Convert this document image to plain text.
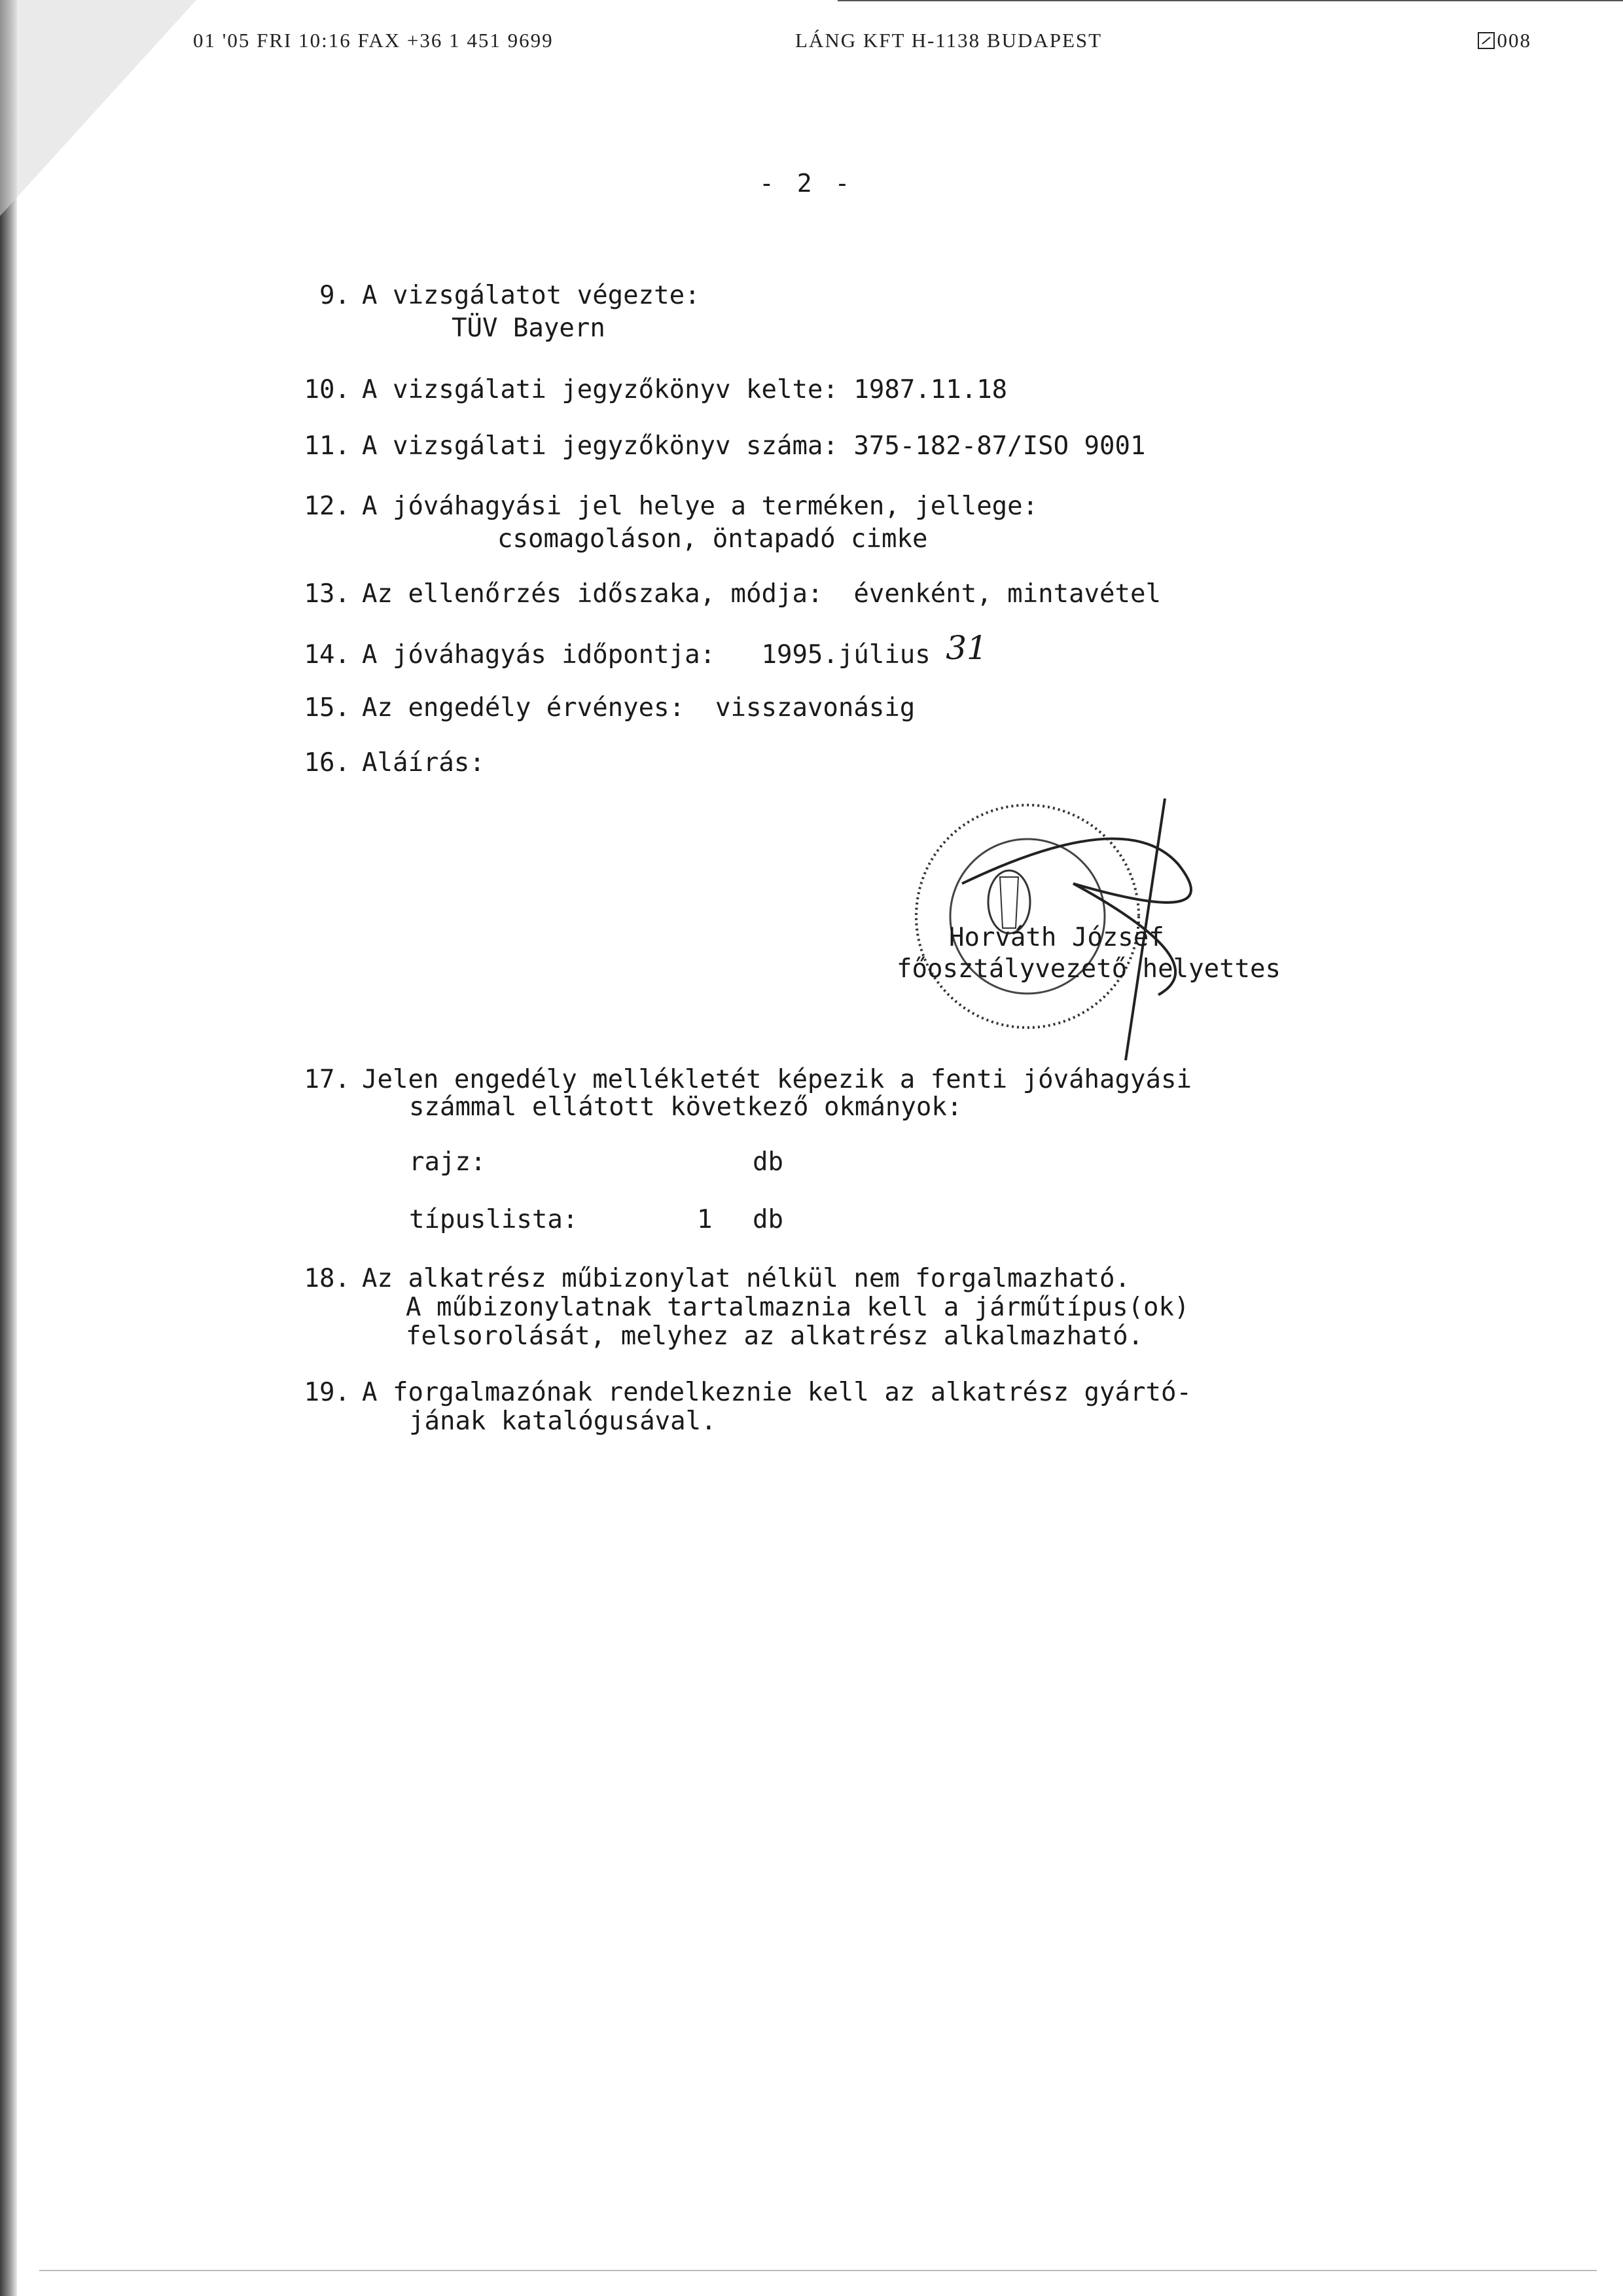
01 '05 FRI 10:16 FAX +36 1 451 9699	LÁNG KFT H-1138 BUDAPEST	008
- 2 -
9. A vizsgálatot végezte:
TÜV Bayern
10. A vizsgálati jegyzőkönyv kelte: 1987.11.18
11. A vizsgálati jegyzőkönyv száma: 375-182-87/ISO 9001
12. A jóváhagyási jel helye a terméken, jellege:
csomagoláson, öntapadó cimke
13. Az ellenőrzés időszaka, módja:  évenként, mintavétel
14. A jóváhagyás időpontja:   1995.július 31
15. Az engedély érvényes:  visszavonásig
16. Aláírás:
Horváth József
főosztályvezető helyettes
17. Jelen engedély mellékletét képezik a fenti jóváhagyási
számmal ellátott következő okmányok:
rajz:	db
típuslista:	1 db
18. Az alkatrész műbizonylat nélkül nem forgalmazható.
A műbizonylatnak tartalmaznia kell a járműtípus(ok)
felsorolását, melyhez az alkatrész alkalmazható.
19. A forgalmazónak rendelkeznie kell az alkatrész gyártó-
jának katalógusával.
